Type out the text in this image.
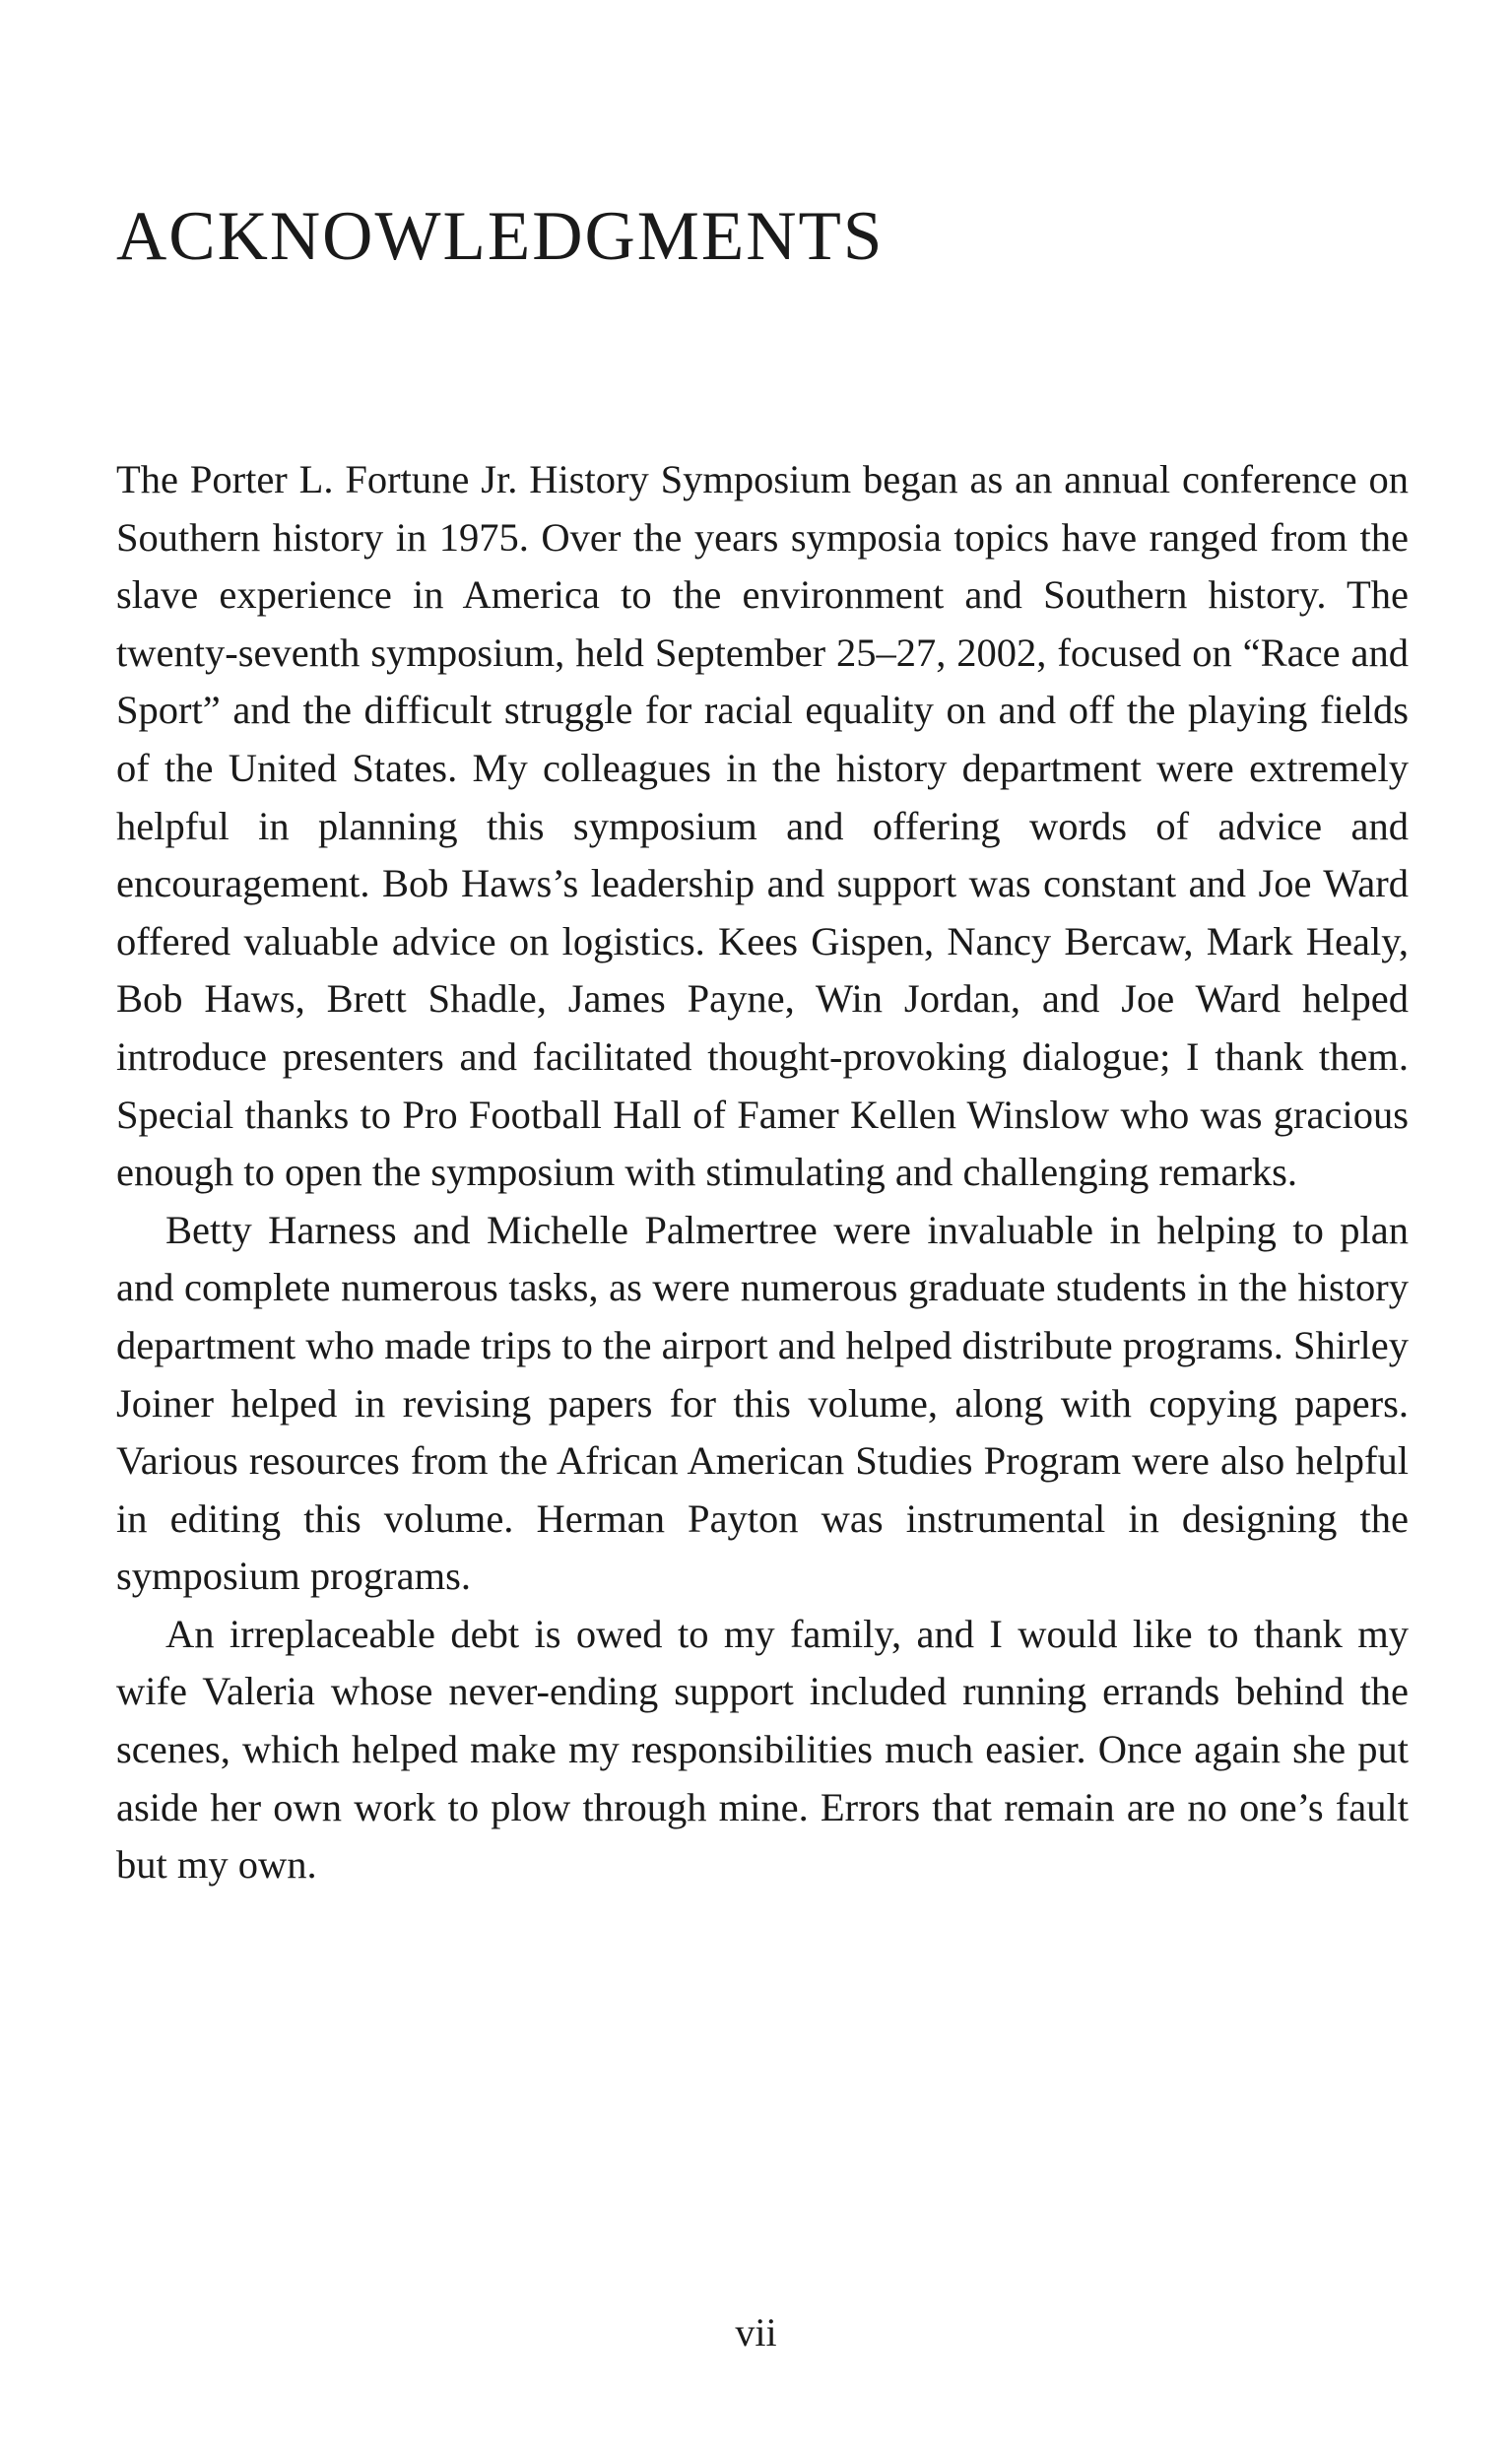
ACKNOWLEDGMENTS

The Porter L. Fortune Jr. History Symposium began as an annual conference on Southern history in 1975. Over the years symposia topics have ranged from the slave experience in America to the environment and Southern history. The twenty-seventh symposium, held September 25–27, 2002, focused on “Race and Sport” and the difficult struggle for racial equality on and off the playing fields of the United States. My colleagues in the history department were extremely helpful in planning this symposium and offering words of advice and encouragement. Bob Haws’s leadership and support was constant and Joe Ward offered valuable advice on logistics. Kees Gispen, Nancy Bercaw, Mark Healy, Bob Haws, Brett Shadle, James Payne, Win Jordan, and Joe Ward helped introduce presenters and facilitated thought-provoking dialogue; I thank them. Special thanks to Pro Football Hall of Famer Kellen Winslow who was gracious enough to open the symposium with stimulating and challenging remarks.

Betty Harness and Michelle Palmertree were invaluable in helping to plan and complete numerous tasks, as were numerous graduate students in the history department who made trips to the airport and helped distribute programs. Shirley Joiner helped in revising papers for this volume, along with copying papers. Various resources from the African American Studies Program were also helpful in editing this volume. Herman Payton was instrumental in designing the symposium programs.

An irreplaceable debt is owed to my family, and I would like to thank my wife Valeria whose never-ending support included running errands behind the scenes, which helped make my responsibilities much easier. Once again she put aside her own work to plow through mine. Errors that remain are no one’s fault but my own.

vii
